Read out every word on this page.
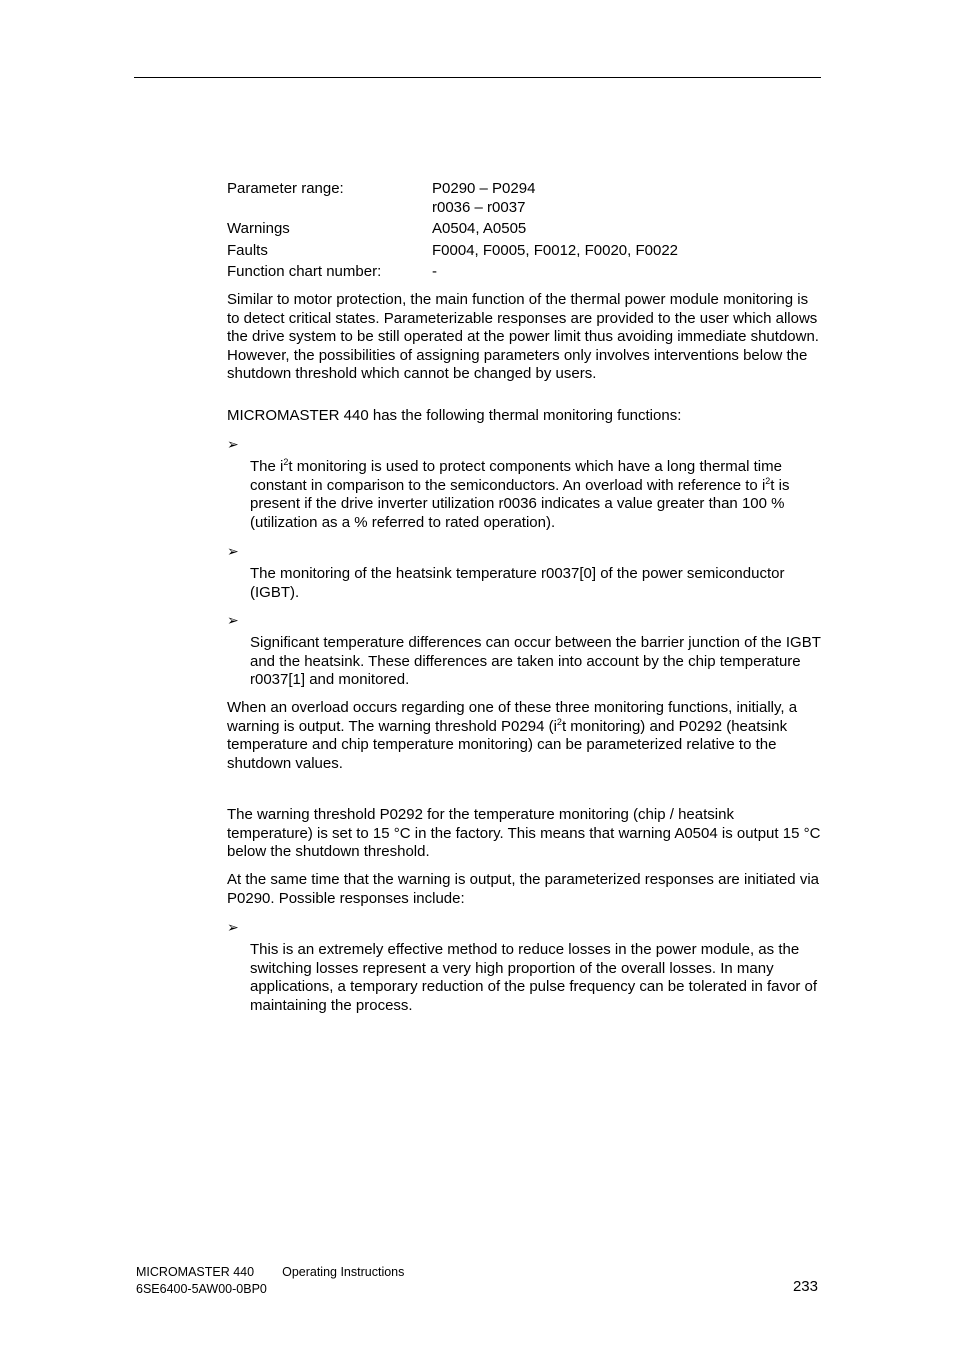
Parameter range:	P0290 – P0294
r0036 – r0037
Warnings	A0504, A0505
Faults	F0004, F0005, F0012, F0020, F0022
Function chart number:	-
Similar to motor protection, the main function of the thermal power module monitoring is to detect critical states. Parameterizable responses are provided to the user which allows the drive system to be still operated at the power limit thus avoiding immediate shutdown. However, the possibilities of assigning parameters only involves interventions below the shutdown threshold which cannot be changed by users.
MICROMASTER 440 has the following thermal monitoring functions:
➢
The $i^2t$ monitoring is used to protect components which have a long thermal time constant in comparison to the semiconductors. An overload with reference to $i^2t$ is present if the drive inverter utilization r0036 indicates a value greater than 100 % (utilization as a % referred to rated operation).
➢
The monitoring of the heatsink temperature r0037[0] of the power semiconductor (IGBT).
➢
Significant temperature differences can occur between the barrier junction of the IGBT and the heatsink. These differences are taken into account by the chip temperature r0037[1] and monitored.
When an overload occurs regarding one of these three monitoring functions, initially, a warning is output. The warning threshold P0294 ($i^2t$ monitoring) and P0292 (heatsink temperature and chip temperature monitoring) can be parameterized relative to the shutdown values.
The warning threshold P0292 for the temperature monitoring (chip / heatsink temperature) is set to 15 °C in the factory. This means that warning A0504 is output 15 °C below the shutdown threshold.
At the same time that the warning is output, the parameterized responses are initiated via P0290. Possible responses include:
➢
This is an extremely effective method to reduce losses in the power module, as the switching losses represent a very high proportion of the overall losses. In many applications, a temporary reduction of the pulse frequency can be tolerated in favor of maintaining the process.
MICROMASTER 440 Operating Instructions
6SE6400-5AW00-0BP0	233
